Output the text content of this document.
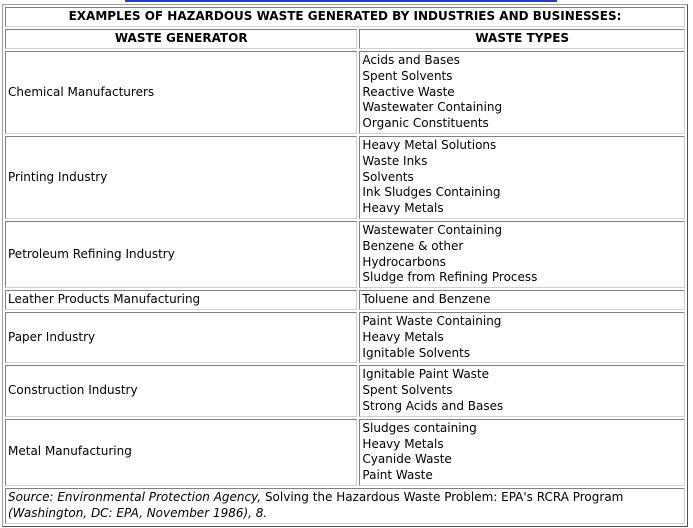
EXAMPLES OF HAZARDOUS WASTE GENERATED BY INDUSTRIES AND BUSINESSES:	
WASTE GENERATOR	WASTE TYPES
Chemical Manufacturers	Acids and Bases
Spent Solvents
Reactive Waste
Wastewater Containing
Organic Constituents

Printing Industry	Heavy Metal Solutions
Waste Inks
Solvents
Ink Sludges Containing
Heavy Metals

Petroleum Refining Industry	Wastewater Containing
Benzene & other
Hydrocarbons
Sludge from Refining Process

Leather Products Manufacturing	Toluene and Benzene

Paper Industry	Paint Waste Containing
Heavy Metals
Ignitable Solvents

Construction Industry	Ignitable Paint Waste
Spent Solvents
Strong Acids and Bases

Metal Manufacturing	Sludges containing
Heavy Metals
Cyanide Waste
Paint Waste

Source: Environmental Protection Agency, Solving the Hazardous Waste Problem: EPA's RCRA Program (Washington, DC: EPA, November 1986), 8.	
